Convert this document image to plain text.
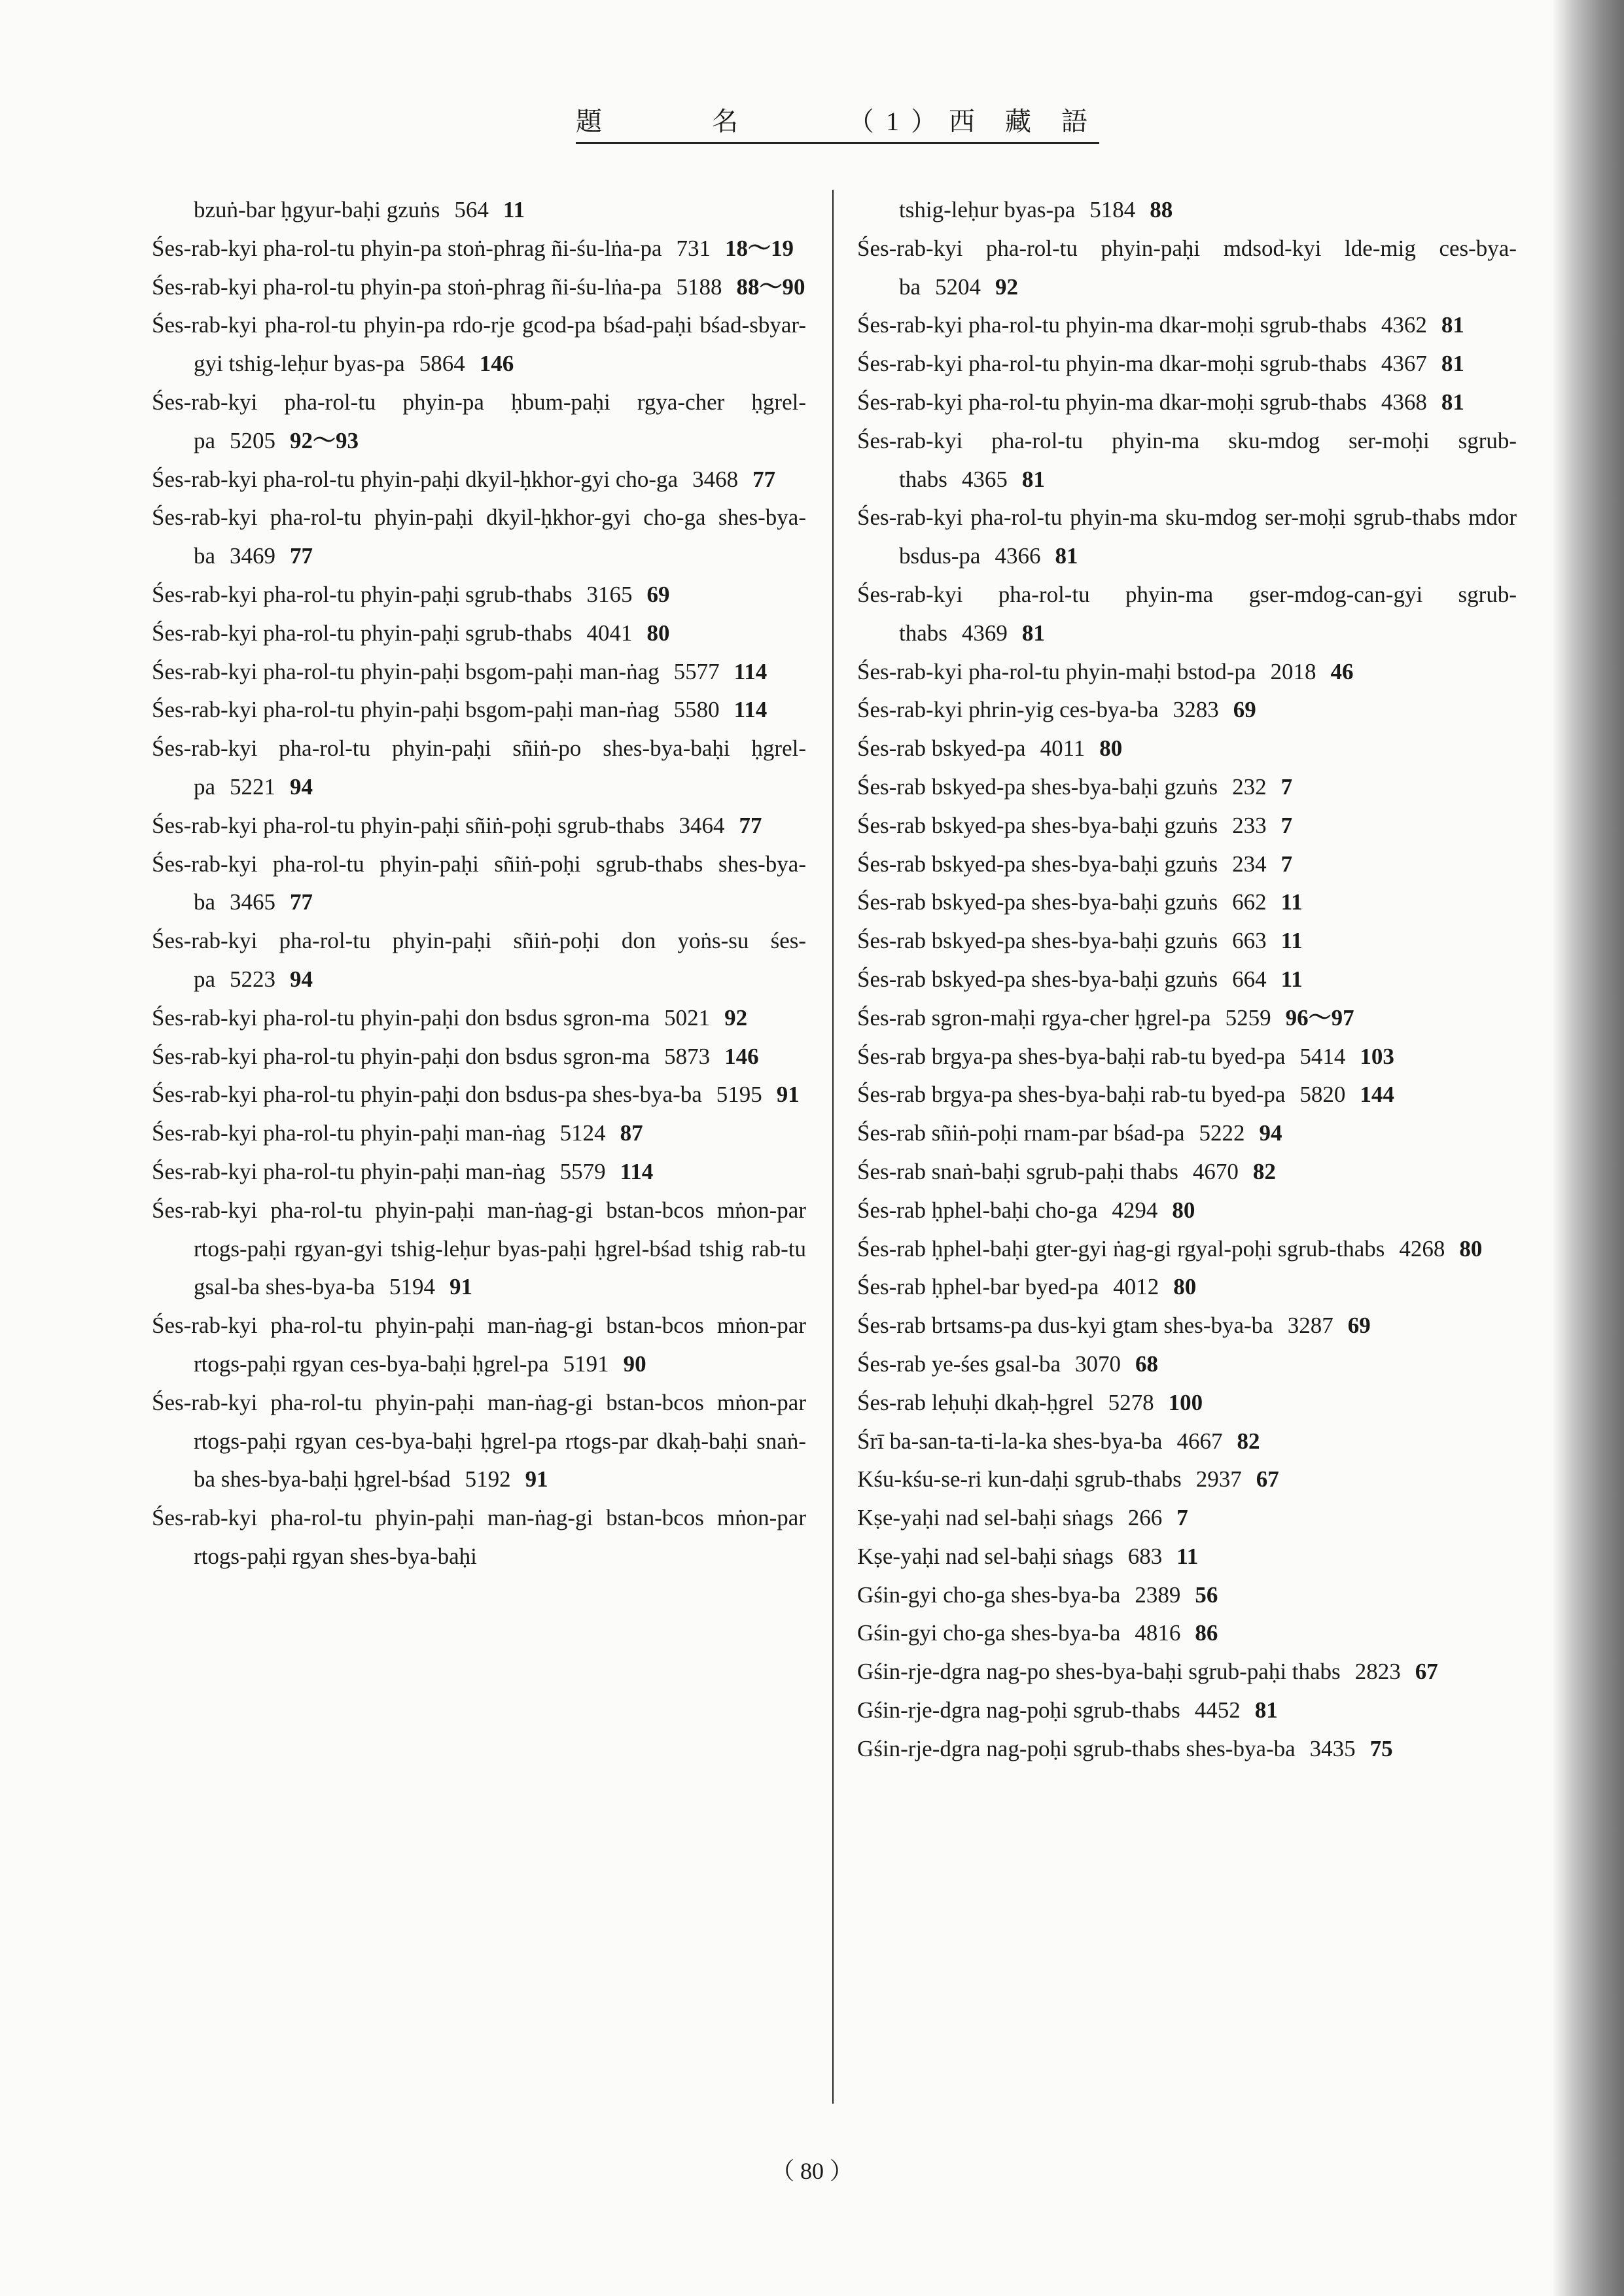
題	名	（1）西 藏 語
bzuṅ-bar ḥgyur-baḥi gzuṅs 564 11
Śes-rab-kyi pha-rol-tu phyin-pa stoṅ-phrag ñi-śu-lṅa-pa 731 18～19
Śes-rab-kyi pha-rol-tu phyin-pa stoṅ-phrag ñi-śu-lṅa-pa 5188 88～90
Śes-rab-kyi pha-rol-tu phyin-pa rdo-rje gcod-pa bśad-paḥi bśad-sbyar-gyi tshig-leḥur byas-pa 5864 146
Śes-rab-kyi pha-rol-tu phyin-pa ḥbum-paḥi rgya-cher ḥgrel-pa 5205 92～93
Śes-rab-kyi pha-rol-tu phyin-paḥi dkyil-ḥkhor-gyi cho-ga 3468 77
Śes-rab-kyi pha-rol-tu phyin-paḥi dkyil-ḥkhor-gyi cho-ga shes-bya-ba 3469 77
Śes-rab-kyi pha-rol-tu phyin-paḥi sgrub-thabs 3165 69
Śes-rab-kyi pha-rol-tu phyin-paḥi sgrub-thabs 4041 80
Śes-rab-kyi pha-rol-tu phyin-paḥi bsgom-paḥi man-ṅag 5577 114
Śes-rab-kyi pha-rol-tu phyin-paḥi bsgom-paḥi man-ṅag 5580 114
Śes-rab-kyi pha-rol-tu phyin-paḥi sñiṅ-po shes-bya-baḥi ḥgrel-pa 5221 94
Śes-rab-kyi pha-rol-tu phyin-paḥi sñiṅ-poḥi sgrub-thabs 3464 77
Śes-rab-kyi pha-rol-tu phyin-paḥi sñiṅ-poḥi sgrub-thabs shes-bya-ba 3465 77
Śes-rab-kyi pha-rol-tu phyin-paḥi sñiṅ-poḥi don yoṅs-su śes-pa 5223 94
Śes-rab-kyi pha-rol-tu phyin-paḥi don bsdus sgron-ma 5021 92
Śes-rab-kyi pha-rol-tu phyin-paḥi don bsdus sgron-ma 5873 146
Śes-rab-kyi pha-rol-tu phyin-paḥi don bsdus-pa shes-bya-ba 5195 91
Śes-rab-kyi pha-rol-tu phyin-paḥi man-ṅag 5124 87
Śes-rab-kyi pha-rol-tu phyin-paḥi man-ṅag 5579 114
Śes-rab-kyi pha-rol-tu phyin-paḥi man-ṅag-gi bstan-bcos mṅon-par rtogs-paḥi rgyan-gyi tshig-leḥur byas-paḥi ḥgrel-bśad tshig rab-tu gsal-ba shes-bya-ba 5194 91
Śes-rab-kyi pha-rol-tu phyin-paḥi man-ṅag-gi bstan-bcos mṅon-par rtogs-paḥi rgyan ces-bya-baḥi ḥgrel-pa 5191 90
Śes-rab-kyi pha-rol-tu phyin-paḥi man-ṅag-gi bstan-bcos mṅon-par rtogs-paḥi rgyan ces-bya-baḥi ḥgrel-pa rtogs-par dkaḥ-baḥi snaṅ-ba shes-bya-baḥi ḥgrel-bśad 5192 91
Śes-rab-kyi pha-rol-tu phyin-paḥi man-ṅag-gi bstan-bcos mṅon-par rtogs-paḥi rgyan shes-bya-baḥi
tshig-leḥur byas-pa 5184 88
Śes-rab-kyi pha-rol-tu phyin-paḥi mdsod-kyi lde-mig ces-bya-ba 5204 92
Śes-rab-kyi pha-rol-tu phyin-ma dkar-moḥi sgrub-thabs 4362 81
Śes-rab-kyi pha-rol-tu phyin-ma dkar-moḥi sgrub-thabs 4367 81
Śes-rab-kyi pha-rol-tu phyin-ma dkar-moḥi sgrub-thabs 4368 81
Śes-rab-kyi pha-rol-tu phyin-ma sku-mdog ser-moḥi sgrub-thabs 4365 81
Śes-rab-kyi pha-rol-tu phyin-ma sku-mdog ser-moḥi sgrub-thabs mdor bsdus-pa 4366 81
Śes-rab-kyi pha-rol-tu phyin-ma gser-mdog-can-gyi sgrub-thabs 4369 81
Śes-rab-kyi pha-rol-tu phyin-maḥi bstod-pa 2018 46
Śes-rab-kyi phrin-yig ces-bya-ba 3283 69
Śes-rab bskyed-pa 4011 80
Śes-rab bskyed-pa shes-bya-baḥi gzuṅs 232 7
Śes-rab bskyed-pa shes-bya-baḥi gzuṅs 233 7
Śes-rab bskyed-pa shes-bya-baḥi gzuṅs 234 7
Śes-rab bskyed-pa shes-bya-baḥi gzuṅs 662 11
Śes-rab bskyed-pa shes-bya-baḥi gzuṅs 663 11
Śes-rab bskyed-pa shes-bya-baḥi gzuṅs 664 11
Śes-rab sgron-maḥi rgya-cher ḥgrel-pa 5259 96～97
Śes-rab brgya-pa shes-bya-baḥi rab-tu byed-pa 5414 103
Śes-rab brgya-pa shes-bya-baḥi rab-tu byed-pa 5820 144
Śes-rab sñiṅ-poḥi rnam-par bśad-pa 5222 94
Śes-rab snaṅ-baḥi sgrub-paḥi thabs 4670 82
Śes-rab ḥphel-baḥi cho-ga 4294 80
Śes-rab ḥphel-baḥi gter-gyi ṅag-gi rgyal-poḥi sgrub-thabs 4268 80
Śes-rab ḥphel-bar byed-pa 4012 80
Śes-rab brtsams-pa dus-kyi gtam shes-bya-ba 3287 69
Śes-rab ye-śes gsal-ba 3070 68
Śes-rab leḥuḥi dkaḥ-ḥgrel 5278 100
Śrī ba-san-ta-ti-la-ka shes-bya-ba 4667 82
Kśu-kśu-se-ri kun-daḥi sgrub-thabs 2937 67
Kṣe-yaḥi nad sel-baḥi sṅags 266 7
Kṣe-yaḥi nad sel-baḥi sṅags 683 11
Gśin-gyi cho-ga shes-bya-ba 2389 56
Gśin-gyi cho-ga shes-bya-ba 4816 86
Gśin-rje-dgra nag-po shes-bya-baḥi sgrub-paḥi thabs 2823 67
Gśin-rje-dgra nag-poḥi sgrub-thabs 4452 81
Gśin-rje-dgra nag-poḥi sgrub-thabs shes-bya-ba 3435 75
（ 80 ）
